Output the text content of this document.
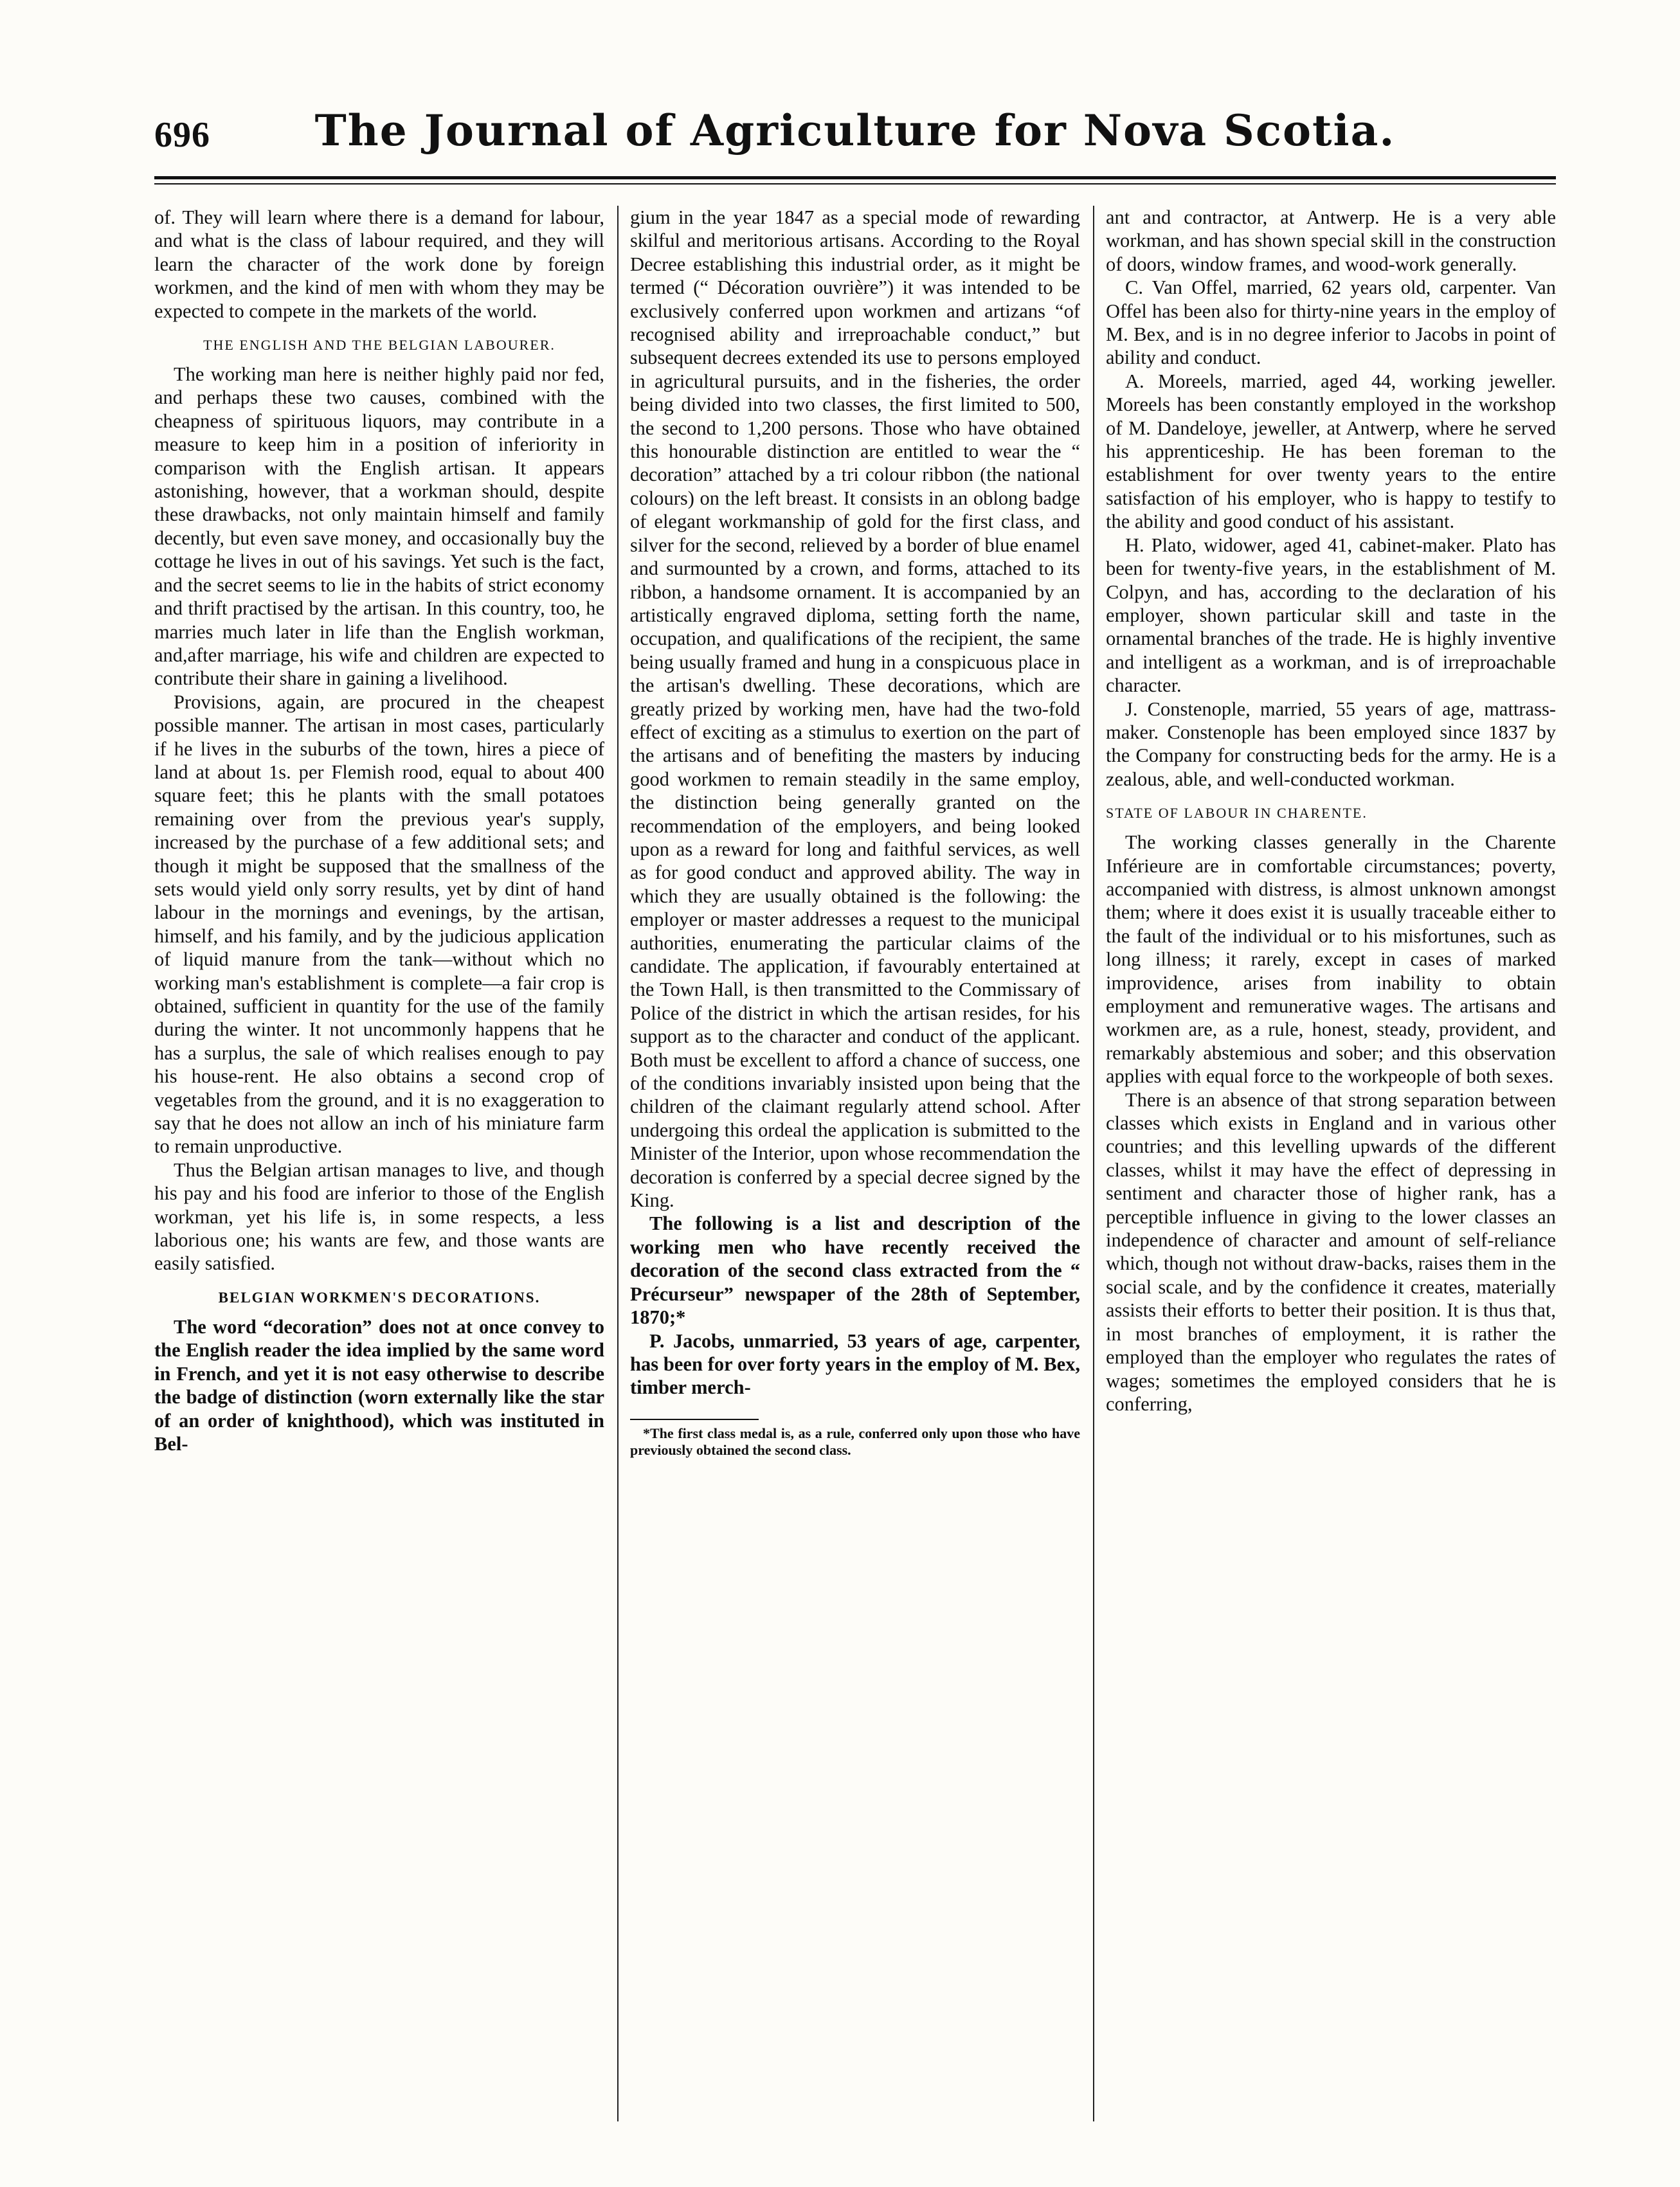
696	The Journal of Agriculture for Nova Scotia.

of. They will learn where there is a demand for labour, and what is the class of labour required, and they will learn the character of the work done by foreign workmen, and the kind of men with whom they may be expected to compete in the markets of the world.

THE ENGLISH AND THE BELGIAN LABOURER.

The working man here is neither highly paid nor fed, and perhaps these two causes, combined with the cheapness of spirituous liquors, may contribute in a measure to keep him in a position of inferiority in comparison with the English artisan. It appears astonishing, however, that a workman should, despite these drawbacks, not only maintain himself and family decently, but even save money, and occasionally buy the cottage he lives in out of his savings. Yet such is the fact, and the secret seems to lie in the habits of strict economy and thrift practised by the artisan. In this country, too, he marries much later in life than the English workman, and,after marriage, his wife and children are expected to contribute their share in gaining a livelihood.

Provisions, again, are procured in the cheapest possible manner. The artisan in most cases, particularly if he lives in the suburbs of the town, hires a piece of land at about 1s. per Flemish rood, equal to about 400 square feet; this he plants with the small potatoes remaining over from the previous year's supply, increased by the purchase of a few additional sets; and though it might be supposed that the smallness of the sets would yield only sorry results, yet by dint of hand labour in the mornings and evenings, by the artisan, himself, and his family, and by the judicious application of liquid manure from the tank—without which no working man's establishment is complete—a fair crop is obtained, sufficient in quantity for the use of the family during the winter. It not uncommonly happens that he has a surplus, the sale of which realises enough to pay his house-rent. He also obtains a second crop of vegetables from the ground, and it is no exaggeration to say that he does not allow an inch of his miniature farm to remain unproductive.

Thus the Belgian artisan manages to live, and though his pay and his food are inferior to those of the English workman, yet his life is, in some respects, a less laborious one; his wants are few, and those wants are easily satisfied.

BELGIAN WORKMEN'S DECORATIONS.

The word “decoration” does not at once convey to the English reader the idea implied by the same word in French, and yet it is not easy otherwise to describe the badge of distinction (worn externally like the star of an order of knighthood), which was instituted in Bel-

gium in the year 1847 as a special mode of rewarding skilful and meritorious artisans. According to the Royal Decree establishing this industrial order, as it might be termed (“ Décoration ouvrière”) it was intended to be exclusively conferred upon workmen and artizans “of recognised ability and irreproachable conduct,” but subsequent decrees extended its use to persons employed in agricultural pursuits, and in the fisheries, the order being divided into two classes, the first limited to 500, the second to 1,200 persons. Those who have obtained this honourable distinction are entitled to wear the “ decoration” attached by a tri colour ribbon (the national colours) on the left breast. It consists in an oblong badge of elegant workmanship of gold for the first class, and silver for the second, relieved by a border of blue enamel and surmounted by a crown, and forms, attached to its ribbon, a handsome ornament. It is accompanied by an artistically engraved diploma, setting forth the name, occupation, and qualifications of the recipient, the same being usually framed and hung in a conspicuous place in the artisan's dwelling. These decorations, which are greatly prized by working men, have had the two-fold effect of exciting as a stimulus to exertion on the part of the artisans and of benefiting the masters by inducing good workmen to remain steadily in the same employ, the distinction being generally granted on the recommendation of the employers, and being looked upon as a reward for long and faithful services, as well as for good conduct and approved ability. The way in which they are usually obtained is the following: the employer or master addresses a request to the municipal authorities, enumerating the particular claims of the candidate. The application, if favourably entertained at the Town Hall, is then transmitted to the Commissary of Police of the district in which the artisan resides, for his support as to the character and conduct of the applicant. Both must be excellent to afford a chance of success, one of the conditions invariably insisted upon being that the children of the claimant regularly attend school. After undergoing this ordeal the application is submitted to the Minister of the Interior, upon whose recommendation the decoration is conferred by a special decree signed by the King.

The following is a list and description of the working men who have recently received the decoration of the second class extracted from the “ Précurseur” newspaper of the 28th of September, 1870;*

P. Jacobs, unmarried, 53 years of age, carpenter, has been for over forty years in the employ of M. Bex, timber merch-

*The first class medal is, as a rule, conferred only upon those who have previously obtained the second class.

ant and contractor, at Antwerp. He is a very able workman, and has shown special skill in the construction of doors, window frames, and wood-work generally.

C. Van Offel, married, 62 years old, carpenter. Van Offel has been also for thirty-nine years in the employ of M. Bex, and is in no degree inferior to Jacobs in point of ability and conduct.

A. Moreels, married, aged 44, working jeweller. Moreels has been constantly employed in the workshop of M. Dandeloye, jeweller, at Antwerp, where he served his apprenticeship. He has been foreman to the establishment for over twenty years to the entire satisfaction of his employer, who is happy to testify to the ability and good conduct of his assistant.

H. Plato, widower, aged 41, cabinet-maker. Plato has been for twenty-five years, in the establishment of M. Colpyn, and has, according to the declaration of his employer, shown particular skill and taste in the ornamental branches of the trade. He is highly inventive and intelligent as a workman, and is of irreproachable character.

J. Constenople, married, 55 years of age, mattrass-maker. Constenople has been employed since 1837 by the Company for constructing beds for the army. He is a zealous, able, and well-conducted workman.

STATE OF LABOUR IN CHARENTE.

The working classes generally in the Charente Inférieure are in comfortable circumstances; poverty, accompanied with distress, is almost unknown amongst them; where it does exist it is usually traceable either to the fault of the individual or to his misfortunes, such as long illness; it rarely, except in cases of marked improvidence, arises from inability to obtain employment and remunerative wages. The artisans and workmen are, as a rule, honest, steady, provident, and remarkably abstemious and sober; and this observation applies with equal force to the workpeople of both sexes.

There is an absence of that strong separation between classes which exists in England and in various other countries; and this levelling upwards of the different classes, whilst it may have the effect of depressing in sentiment and character those of higher rank, has a perceptible influence in giving to the lower classes an independence of character and amount of self-reliance which, though not without draw-backs, raises them in the social scale, and by the confidence it creates, materially assists their efforts to better their position. It is thus that, in most branches of employment, it is rather the employed than the employer who regulates the rates of wages; sometimes the employed considers that he is conferring,
